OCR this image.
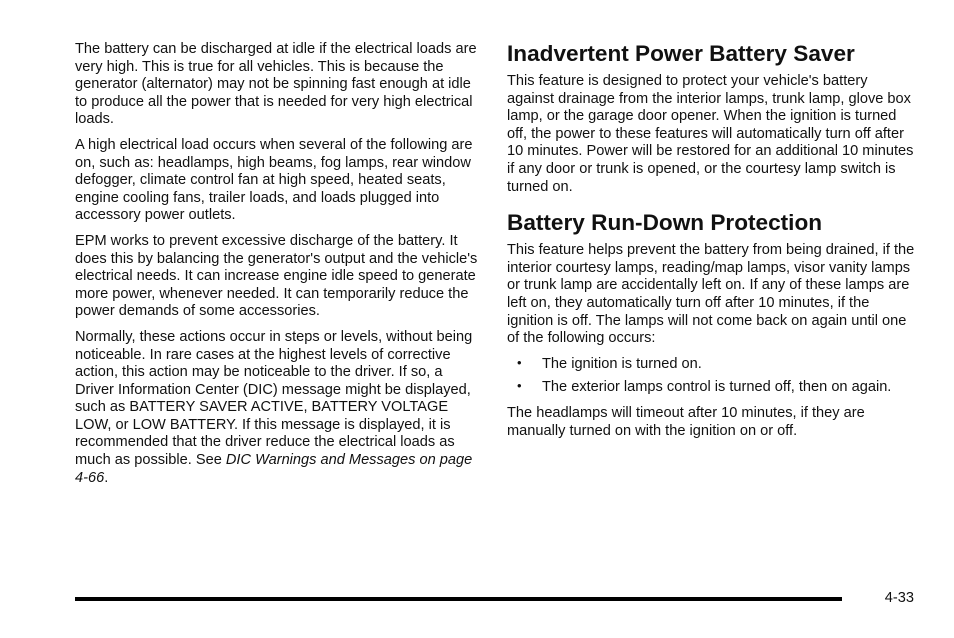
The battery can be discharged at idle if the electrical loads are very high. This is true for all vehicles. This is because the generator (alternator) may not be spinning fast enough at idle to produce all the power that is needed for very high electrical loads.

A high electrical load occurs when several of the following are on, such as: headlamps, high beams, fog lamps, rear window defogger, climate control fan at high speed, heated seats, engine cooling fans, trailer loads, and loads plugged into accessory power outlets.

EPM works to prevent excessive discharge of the battery. It does this by balancing the generator's output and the vehicle's electrical needs. It can increase engine idle speed to generate more power, whenever needed. It can temporarily reduce the power demands of some accessories.

Normally, these actions occur in steps or levels, without being noticeable. In rare cases at the highest levels of corrective action, this action may be noticeable to the driver. If so, a Driver Information Center (DIC) message might be displayed, such as BATTERY SAVER ACTIVE, BATTERY VOLTAGE LOW, or LOW BATTERY. If this message is displayed, it is recommended that the driver reduce the electrical loads as much as possible. See DIC Warnings and Messages on page 4-66.

Inadvertent Power Battery Saver

This feature is designed to protect your vehicle's battery against drainage from the interior lamps, trunk lamp, glove box lamp, or the garage door opener. When the ignition is turned off, the power to these features will automatically turn off after 10 minutes. Power will be restored for an additional 10 minutes if any door or trunk is opened, or the courtesy lamp switch is turned on.

Battery Run-Down Protection

This feature helps prevent the battery from being drained, if the interior courtesy lamps, reading/map lamps, visor vanity lamps or trunk lamp are accidentally left on. If any of these lamps are left on, they automatically turn off after 10 minutes, if the ignition is off. The lamps will not come back on again until one of the following occurs:

• The ignition is turned on.
• The exterior lamps control is turned off, then on again.

The headlamps will timeout after 10 minutes, if they are manually turned on with the ignition on or off.

4-33
